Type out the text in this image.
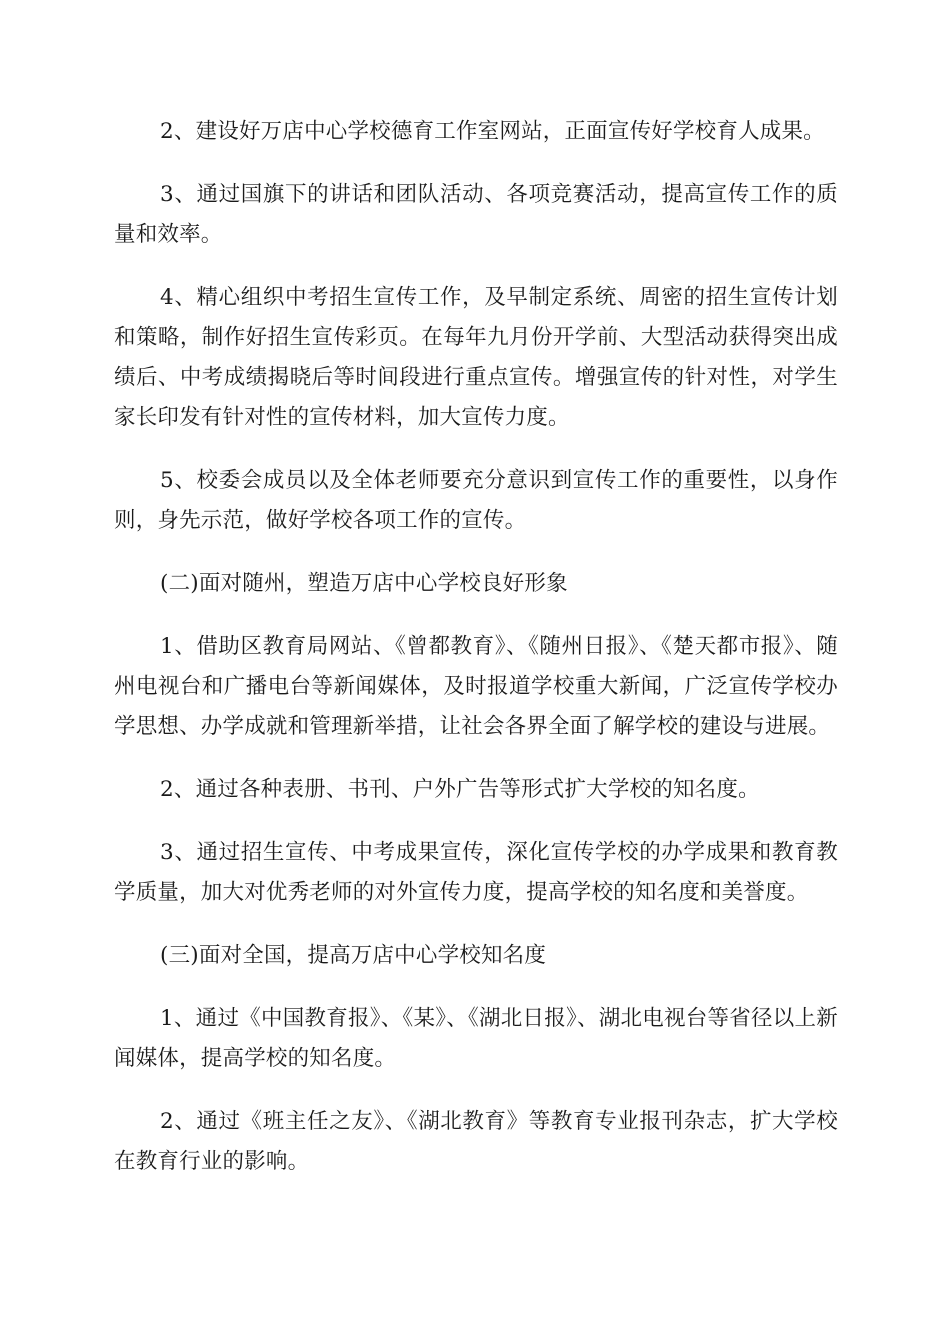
2、建设好万店中心学校德育工作室网站，正面宣传好学校育人成果。

3、通过国旗下的讲话和团队活动、各项竞赛活动，提高宣传工作的质量和效率。

4、精心组织中考招生宣传工作，及早制定系统、周密的招生宣传计划和策略，制作好招生宣传彩页。在每年九月份开学前、大型活动获得突出成绩后、中考成绩揭晓后等时间段进行重点宣传。增强宣传的针对性，对学生家长印发有针对性的宣传材料，加大宣传力度。

5、校委会成员以及全体老师要充分意识到宣传工作的重要性，以身作则，身先示范，做好学校各项工作的宣传。

(二)面对随州，塑造万店中心学校良好形象

1、借助区教育局网站、《曾都教育》、《随州日报》、《楚天都市报》、随州电视台和广播电台等新闻媒体，及时报道学校重大新闻，广泛宣传学校办学思想、办学成就和管理新举措，让社会各界全面了解学校的建设与进展。

2、通过各种表册、书刊、户外广告等形式扩大学校的知名度。

3、通过招生宣传、中考成果宣传，深化宣传学校的办学成果和教育教学质量，加大对优秀老师的对外宣传力度，提高学校的知名度和美誉度。

(三)面对全国，提高万店中心学校知名度

1、通过《中国教育报》、《某》、《湖北日报》、湖北电视台等省径以上新闻媒体，提高学校的知名度。

2、通过《班主任之友》、《湖北教育》等教育专业报刊杂志，扩大学校在教育行业的影响。
